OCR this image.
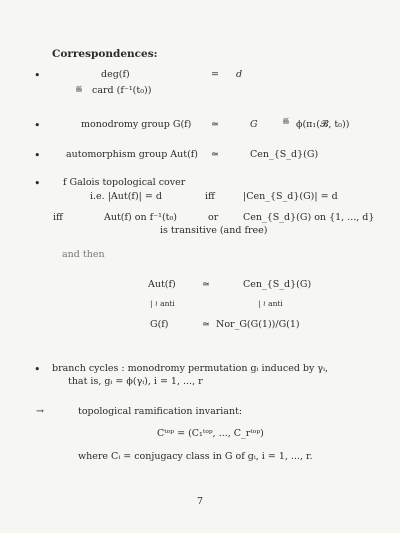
Correspondences:
•	deg(f)	= d
≝ card (f⁻¹(t₀))
•	monodromy group G(f) ≃	G	≝ ϕ(π₁(𝓑, t₀))
•	automorphism group Aut(f) ≃	Cen_{S_d}(G)
• f Galois topological cover
i.e. |Aut(f)| = d	iff	|Cen_{S_d}(G)| = d
iff	Aut(f) on f⁻¹(t₀)	or	Cen_{S_d}(G) on {1, ..., d}
is transitive (and free)
and then
Aut(f)	≃	Cen_{S_d}(G)
| ≀ anti	| ≀ anti
G(f)	≃ Nor_G(G(1))/G(1)
• branch cycles : monodromy permutation gᵢ induced by γᵢ,
that is, gᵢ = ϕ(γᵢ), i = 1, ..., r
→	topological ramification invariant:
Cᵗᵒᵖ = (C₁ᵗᵒᵖ, ..., C_rᵗᵒᵖ)
where Cᵢ = conjugacy class in G of gᵢ, i = 1, ..., r.
7
